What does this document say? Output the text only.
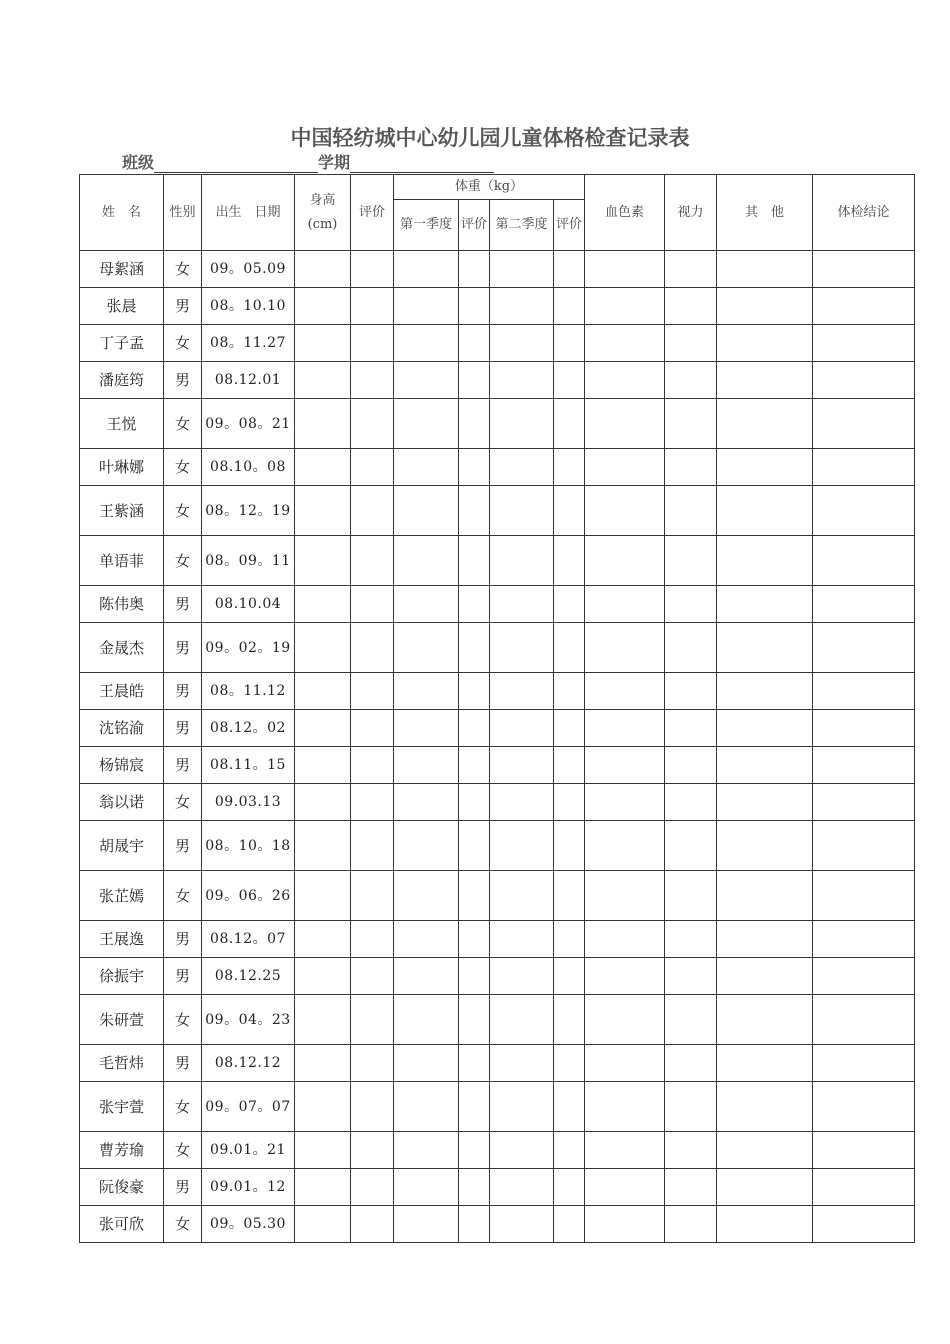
中国轻纺城中心幼儿园儿童体格检查记录表
班级	学期
姓　名	性别	出生　日期	身高(cm)	评价	体重（kg）				血色素	视力	其　他	体检结论
					第一季度	评价	第二季度	评价				
母絮涵	女	09。05.09										
张晨	男	08。10.10										
丁子孟	女	08。11.27										
潘庭筠	男	08.12.01										
王悦	女	09。08。21										
叶琳娜	女	08.10。08										
王紫涵	女	08。12。19										
单语菲	女	08。09。11										
陈伟奥	男	08.10.04										
金晟杰	男	09。02。19										
王晨皓	男	08。11.12										
沈铭渝	男	08.12。02										
杨锦宸	男	08.11。15										
翁以诺	女	09.03.13										
胡晟宇	男	08。10。18										
张芷嫣	女	09。06。26										
王展逸	男	08.12。07										
徐振宇	男	08.12.25										
朱研萱	女	09。04。23										
毛哲炜	男	08.12.12										
张宇萱	女	09。07。07										
曹芳瑜	女	09.01。21										
阮俊豪	男	09.01。12										
张可欣	女	09。05.30										
